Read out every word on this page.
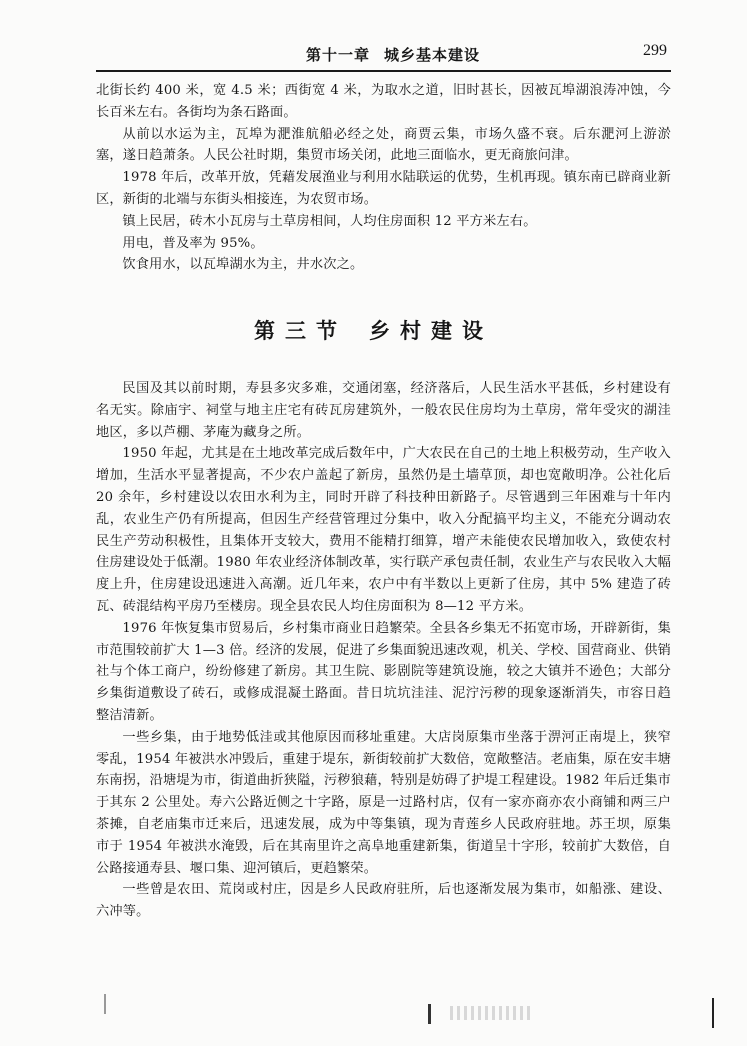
第十一章 城乡基本建设	299

北街长约 400 米，宽 4.5 米；西街宽 4 米，为取水之道，旧时甚长，因被瓦埠湖浪涛冲蚀，今长百米左右。各街均为条石路面。

从前以水运为主，瓦埠为淝淮航船必经之处，商贾云集，市场久盛不衰。后东淝河上游淤塞，遂日趋萧条。人民公社时期，集贸市场关闭，此地三面临水，更无商旅问津。

1978 年后，改革开放，凭藉发展渔业与利用水陆联运的优势，生机再现。镇东南已辟商业新区，新街的北端与东街头相接连，为农贸市场。

镇上民居，砖木小瓦房与土草房相间，人均住房面积 12 平方米左右。

用电，普及率为 95%。

饮食用水，以瓦埠湖水为主，井水次之。

第三节 乡村建设

民国及其以前时期，寿县多灾多难，交通闭塞，经济落后，人民生活水平甚低，乡村建设有名无实。除庙宇、祠堂与地主庄宅有砖瓦房建筑外，一般农民住房均为土草房，常年受灾的湖洼地区，多以芦棚、茅庵为藏身之所。

1950 年起，尤其是在土地改革完成后数年中，广大农民在自己的土地上积极劳动，生产收入增加，生活水平显著提高，不少农户盖起了新房，虽然仍是土墙草顶，却也宽敞明净。公社化后 20 余年，乡村建设以农田水利为主，同时开辟了科技种田新路子。尽管遇到三年困难与十年内乱，农业生产仍有所提高，但因生产经营管理过分集中，收入分配搞平均主义，不能充分调动农民生产劳动积极性，且集体开支较大，费用不能精打细算，增产未能使农民增加收入，致使农村住房建设处于低潮。1980 年农业经济体制改革，实行联产承包责任制，农业生产与农民收入大幅度上升，住房建设迅速进入高潮。近几年来，农户中有半数以上更新了住房，其中 5% 建造了砖瓦、砖混结构平房乃至楼房。现全县农民人均住房面积为 8—12 平方米。

1976 年恢复集市贸易后，乡村集市商业日趋繁荣。全县各乡集无不拓宽市场，开辟新街，集市范围较前扩大 1—3 倍。经济的发展，促进了乡集面貌迅速改观，机关、学校、国营商业、供销社与个体工商户，纷纷修建了新房。其卫生院、影剧院等建筑设施，较之大镇并不逊色；大部分乡集街道敷设了砖石，或修成混凝土路面。昔日坑坑洼洼、泥泞污秽的现象逐渐消失，市容日趋整洁清新。

一些乡集，由于地势低洼或其他原因而移址重建。大店岗原集市坐落于淠河正南堤上，狭窄零乱，1954 年被洪水冲毁后，重建于堤东，新街较前扩大数倍，宽敞整洁。老庙集，原在安丰塘东南拐，沿塘堤为市，街道曲折狭隘，污秽狼藉，特别是妨碍了护堤工程建设。1982 年后迁集市于其东 2 公里处。寿六公路近侧之十字路，原是一过路村店，仅有一家亦商亦农小商铺和两三户茶摊，自老庙集市迁来后，迅速发展，成为中等集镇，现为青莲乡人民政府驻地。苏王坝，原集市于 1954 年被洪水淹毁，后在其南里许之高阜地重建新集，街道呈十字形，较前扩大数倍，自公路接通寿县、堰口集、迎河镇后，更趋繁荣。

一些曾是农田、荒岗或村庄，因是乡人民政府驻所，后也逐渐发展为集市，如船涨、建设、六冲等。
